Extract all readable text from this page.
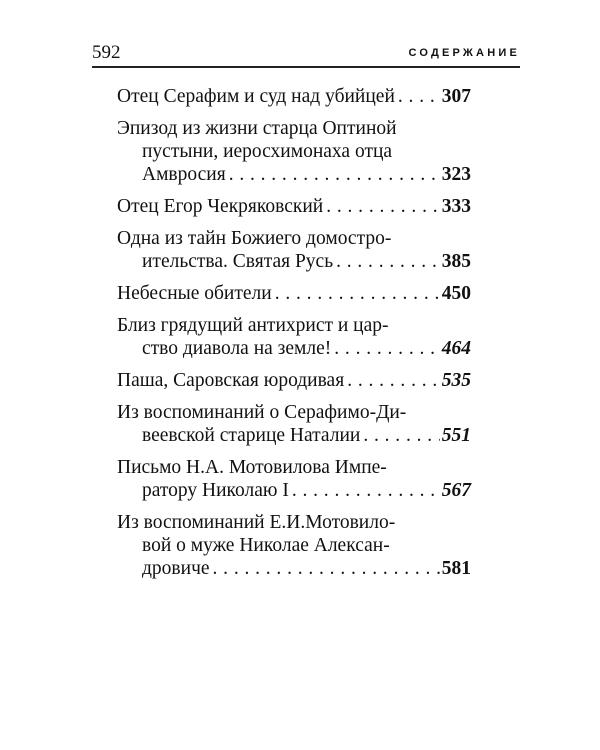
592	СОДЕРЖАНИЕ
Отец Серафим и суд над убийцей . . . 307
Эпизод из жизни старца Оптиной
пустыни, иеросхимонаха отца
Амвросия . . .	323
Отец Егор Чекряковский . . .	333
Одна из тайн Божиего домостро-
ительства. Святая Русь . . .	385
Небесные обители . . .	450
Близ грядущий антихрист и цар-
ство диавола на земле! . . .	464
Паша, Саровская юродивая . . .	535
Из воспоминаний о Серафимо-Ди-
веевской старице Наталии . . .	551
Письмо Н.А. Мотовилова Импе-
ратору Николаю I . . .	567
Из воспоминаний Е.И.Мотовило-
вой о муже Николае Алексан-
дровиче . . .	581
